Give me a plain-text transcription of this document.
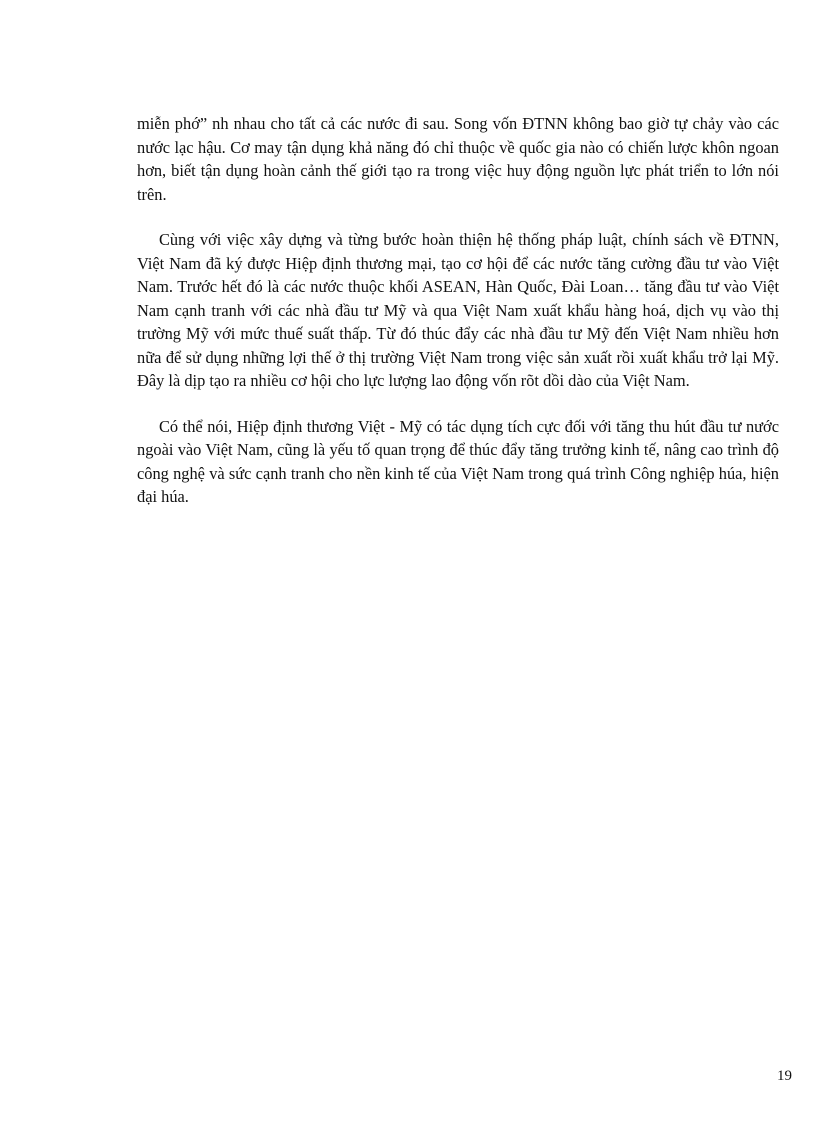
miễn phớ” nh nhau cho tất cả các nước đi sau. Song vốn ĐTNN không bao giờ tự chảy vào các nước lạc hậu. Cơ may tận dụng khả năng đó chỉ thuộc về quốc gia nào có chiến lược khôn ngoan hơn, biết tận dụng hoàn cảnh thế giới tạo ra trong việc huy động nguồn lực phát triển to lớn nói trên.

Cùng với việc xây dựng và từng bước hoàn thiện hệ thống pháp luật, chính sách về ĐTNN, Việt Nam đã ký được Hiệp định thương mại, tạo cơ hội để các nước tăng cường đầu tư vào Việt Nam. Trước hết đó là các nước thuộc khối ASEAN, Hàn Quốc, Đài Loan… tăng đầu tư vào Việt Nam cạnh tranh với các nhà đầu tư Mỹ và qua Việt Nam xuất khẩu hàng hoá, dịch vụ vào thị trường Mỹ với mức thuế suất thấp. Từ đó thúc đẩy các nhà đầu tư Mỹ đến Việt Nam nhiều hơn nữa để sử dụng những lợi thế ở thị trường Việt Nam trong việc sản xuất rồi xuất khẩu trở lại Mỹ. Đây là dịp tạo ra nhiều cơ hội cho lực lượng lao động vốn rõt dồi dào của Việt Nam.

Có thể nói, Hiệp định thương Việt - Mỹ có tác dụng tích cực đối với tăng thu hút đầu tư nước ngoài vào Việt Nam, cũng là yếu tố quan trọng để thúc đẩy tăng trưởng kinh tế, nâng cao trình độ công nghệ và sức cạnh tranh cho nền kinh tế của Việt Nam trong quá trình Công nghiệp húa, hiện đại húa.

19
